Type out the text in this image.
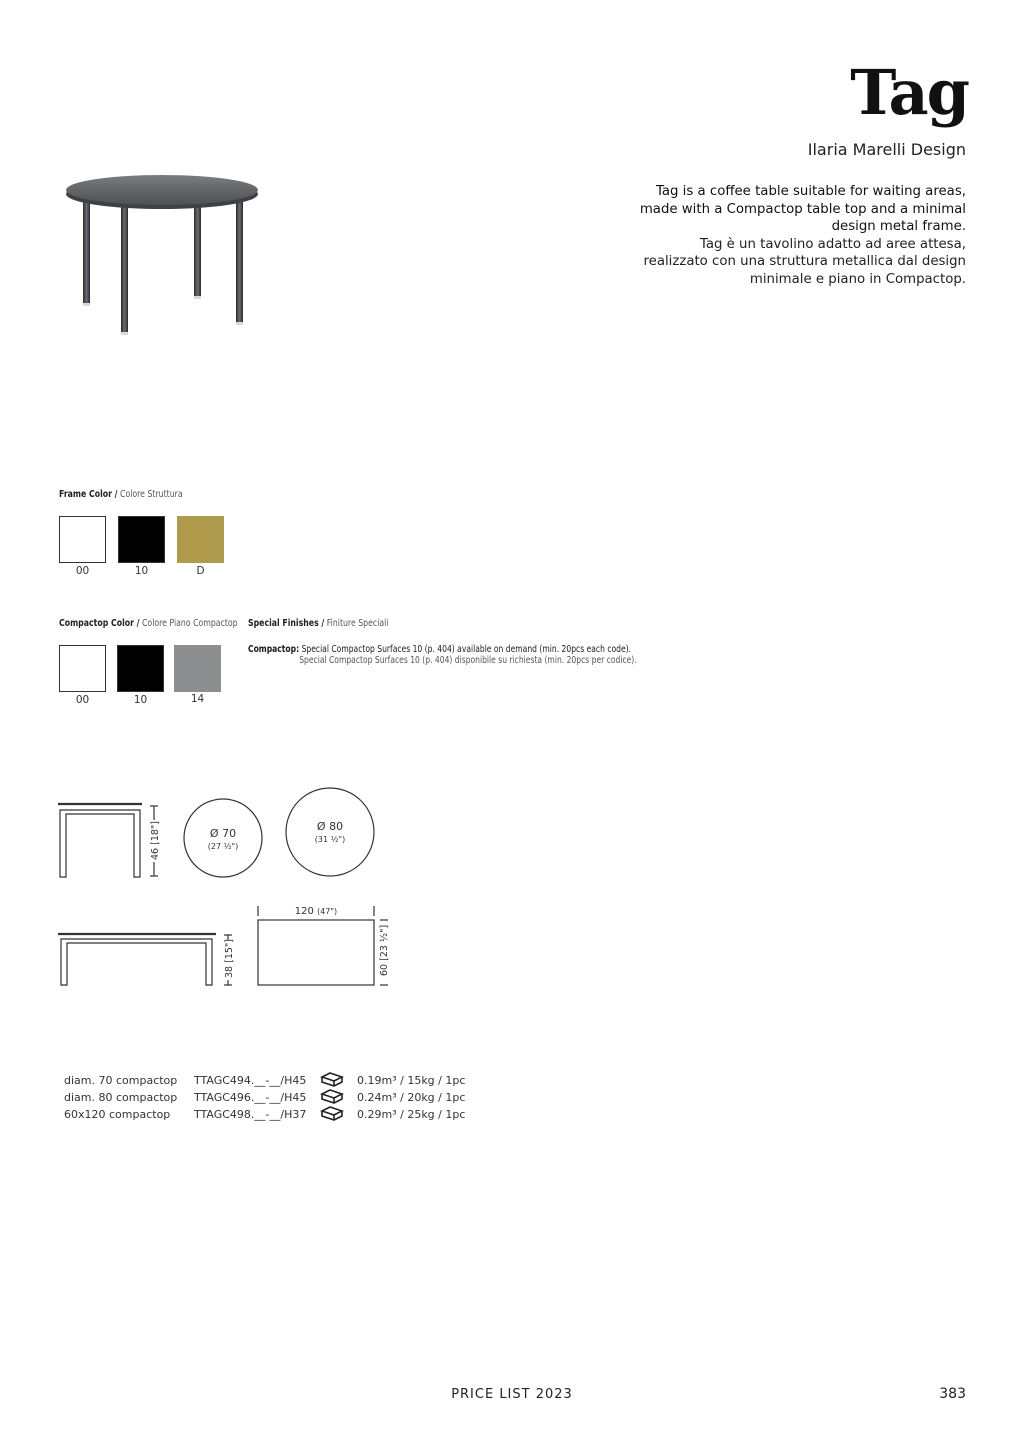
Tag
Ilaria Marelli Design
Tag is a coffee table suitable for waiting areas, made with a Compactop table top and a minimal design metal frame.
Tag è un tavolino adatto ad aree attesa, realizzato con una struttura metallica dal design minimale e piano in Compactop.
Frame Color / Colore Struttura
00	10	D
Compactop Color / Colore Piano Compactop
00	10	14
Special Finishes / Finiture Speciali
Compactop: Special Compactop Surfaces 10 (p. 404) available on demand (min. 20pcs each code).
Special Compactop Surfaces 10 (p. 404) disponibile su richiesta (min. 20pcs per codice).
46 [18"]	Ø 70
(27 ½")
Ø 80
(31 ½")
38 [15"]
120 (47")
60 [23 ½"]
diam. 70 compactop TTAGC494.__-__/H45	0.19m³ / 15kg / 1pc
diam. 80 compactop TTAGC496.__-__/H45	0.24m³ / 20kg / 1pc
60x120 compactop TTAGC498.__-__/H37	0.29m³ / 25kg / 1pc
PRICE LIST 2023	383
